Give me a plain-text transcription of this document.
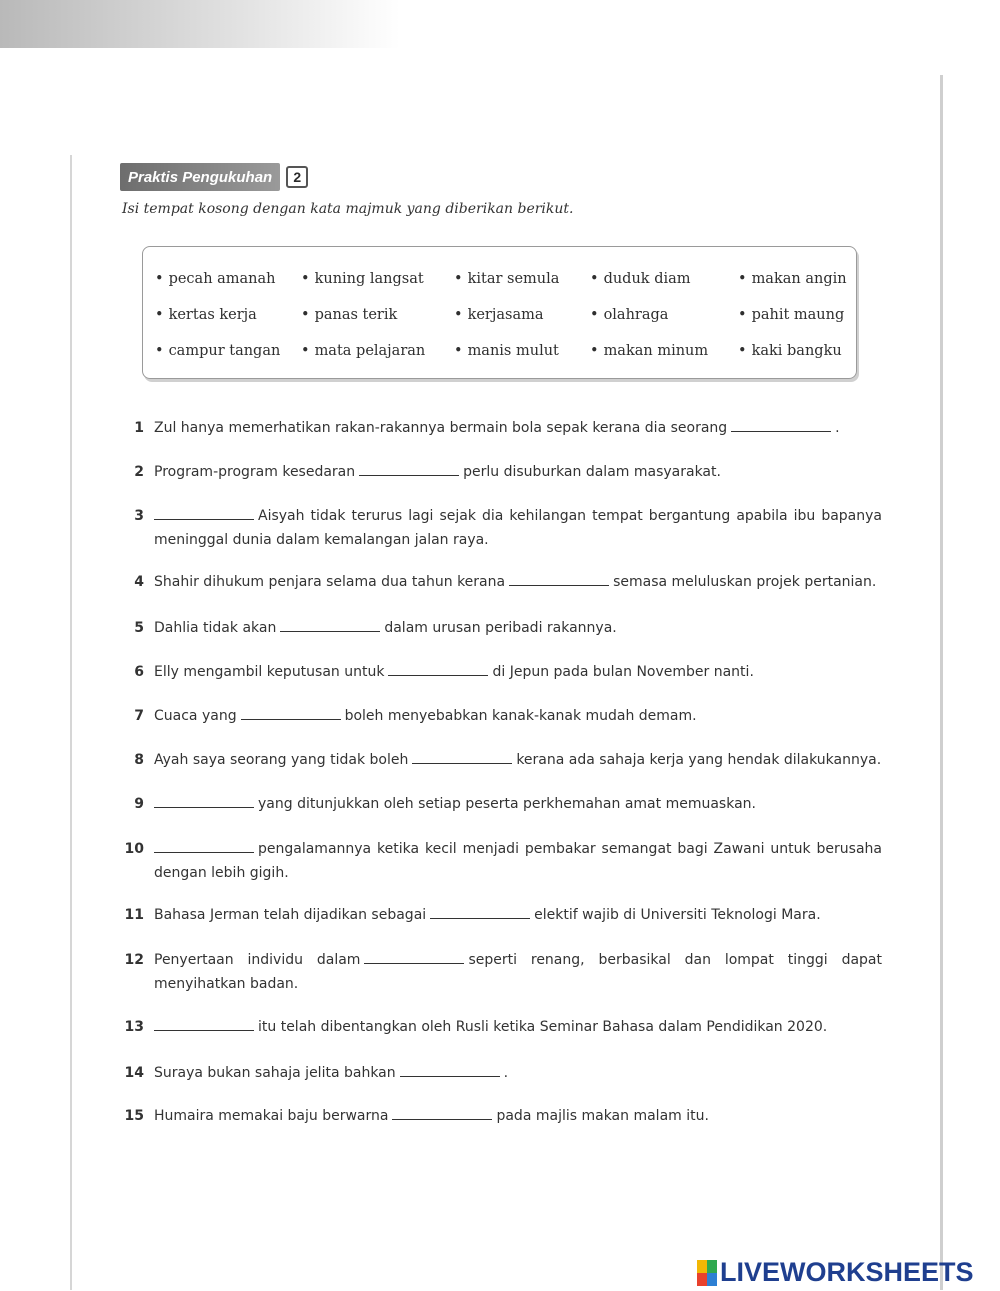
Praktis Pengukuhan	2
Isi tempat kosong dengan kata majmuk yang diberikan berikut.
• pecah amanah	• kuning langsat	• kitar semula	• duduk diam	• makan angin
• kertas kerja	• panas terik	• kerjasama	• olahraga	• pahit maung
• campur tangan	• mata pelajaran	• manis mulut	• makan minum	• kaki bangku
1 Zul hanya memerhatikan rakan-rakannya bermain bola sepak kerana dia seorang	.
2 Program-program kesedaran	perlu disuburkan dalam masyarakat.
3	Aisyah tidak terurus lagi sejak dia kehilangan tempat bergantung apabila ibu bapanya meninggal dunia dalam kemalangan jalan raya.
4 Shahir dihukum penjara selama dua tahun kerana	semasa meluluskan projek pertanian.
5 Dahlia tidak akan	dalam urusan peribadi rakannya.
6 Elly mengambil keputusan untuk	di Jepun pada bulan November nanti.
7 Cuaca yang	boleh menyebabkan kanak-kanak mudah demam.
8 Ayah saya seorang yang tidak boleh	kerana ada sahaja kerja yang hendak dilakukannya.
9	yang ditunjukkan oleh setiap peserta perkhemahan amat memuaskan.
10	pengalamannya ketika kecil menjadi pembakar semangat bagi Zawani untuk berusaha dengan lebih gigih.
11 Bahasa Jerman telah dijadikan sebagai	elektif wajib di Universiti Teknologi Mara.
12 Penyertaan individu dalam	seperti renang, berbasikal dan lompat tinggi dapat menyihatkan badan.
13	itu telah dibentangkan oleh Rusli ketika Seminar Bahasa dalam Pendidikan 2020.
14 Suraya bukan sahaja jelita bahkan	.
15 Humaira memakai baju berwarna	pada majlis makan malam itu.
LIVEWORKSHEETS
